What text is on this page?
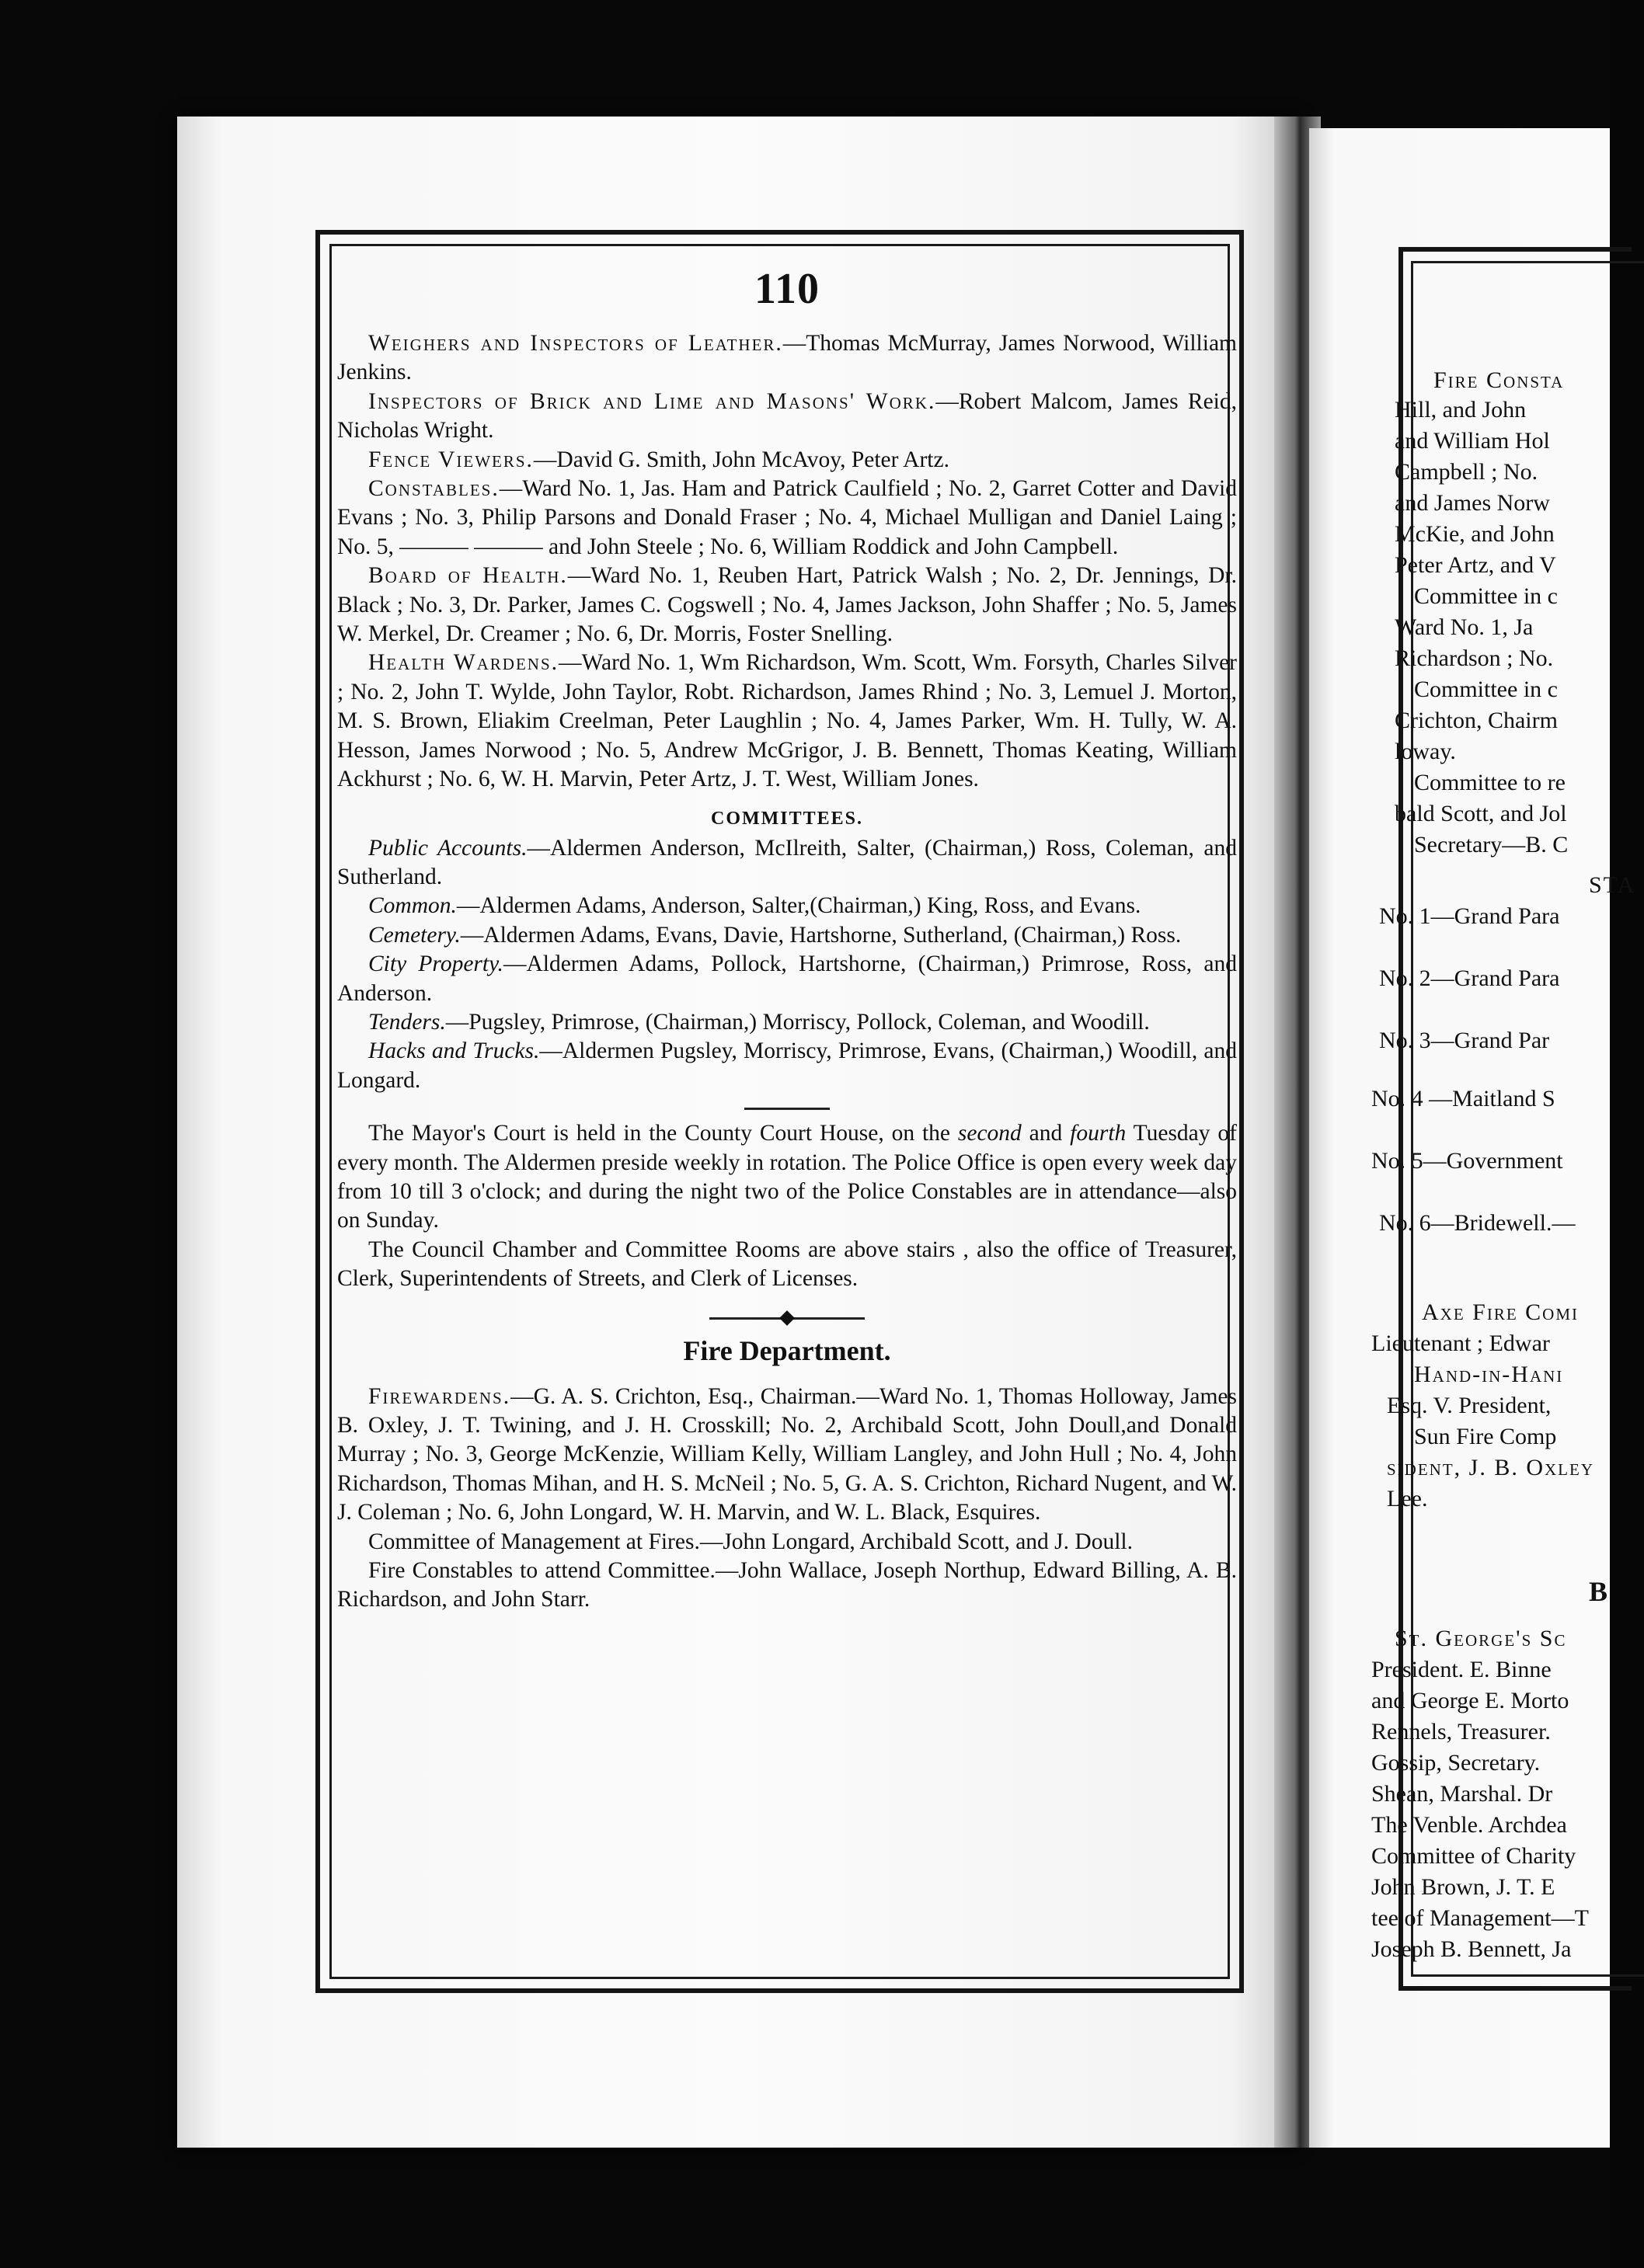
110

Weighers and Inspectors of Leather.—Thomas McMurray, James Norwood, William Jenkins.

Inspectors of Brick and Lime and Masons' Work.—Robert Malcom, James Reid, Nicholas Wright.

Fence Viewers.—David G. Smith, John McAvoy, Peter Artz.

Constables.—Ward No. 1, Jas. Ham and Patrick Caulfield ; No. 2, Garret Cotter and David Evans ; No. 3, Philip Parsons and Donald Fraser ; No. 4, Michael Mulligan and Daniel Laing ; No. 5, ——— ——— and John Steele ; No. 6, William Roddick and John Campbell.

Board of Health.—Ward No. 1, Reuben Hart, Patrick Walsh ; No. 2, Dr. Jennings, Dr. Black ; No. 3, Dr. Parker, James C. Cogswell ; No. 4, James Jackson, John Shaffer ; No. 5, James W. Merkel, Dr. Creamer ; No. 6, Dr. Morris, Foster Snelling.

Health Wardens.—Ward No. 1, Wm Richardson, Wm. Scott, Wm. Forsyth, Charles Silver ; No. 2, John T. Wylde, John Taylor, Robt. Richardson, James Rhind ; No. 3, Lemuel J. Morton, M. S. Brown, Eliakim Creelman, Peter Laughlin ; No. 4, James Parker, Wm. H. Tully, W. A. Hesson, James Norwood ; No. 5, Andrew McGrigor, J. B. Bennett, Thomas Keating, William Ackhurst ; No. 6, W. H. Marvin, Peter Artz, J. T. West, William Jones.

COMMITTEES.

Public Accounts.—Aldermen Anderson, McIlreith, Salter, (Chairman,) Ross, Coleman, and Sutherland.

Common.—Aldermen Adams, Anderson, Salter,(Chairman,) King, Ross, and Evans.

Cemetery.—Aldermen Adams, Evans, Davie, Hartshorne, Sutherland, (Chairman,) Ross.

City Property.—Aldermen Adams, Pollock, Hartshorne, (Chairman,) Primrose, Ross, and Anderson.

Tenders.—Pugsley, Primrose, (Chairman,) Morriscy, Pollock, Coleman, and Woodill.

Hacks and Trucks.—Aldermen Pugsley, Morriscy, Primrose, Evans, (Chairman,) Woodill, and Longard.

The Mayor's Court is held in the County Court House, on the second and fourth Tuesday of every month. The Aldermen preside weekly in rotation. The Police Office is open every week day from 10 till 3 o'clock; and during the night two of the Police Constables are in attendance—also on Sunday.

The Council Chamber and Committee Rooms are above stairs , also the office of Treasurer, Clerk, Superintendents of Streets, and Clerk of Licenses.

Fire Department.

Firewardens.—G. A. S. Crichton, Esq., Chairman.—Ward No. 1, Thomas Holloway, James B. Oxley, J. T. Twining, and J. H. Crosskill; No. 2, Archibald Scott, John Doull,and Donald Murray ; No. 3, George McKenzie, William Kelly, William Langley, and John Hull ; No. 4, John Richardson, Thomas Mihan, and H. S. McNeil ; No. 5, G. A. S. Crichton, Richard Nugent, and W. J. Coleman ; No. 6, John Longard, W. H. Marvin, and W. L. Black, Esquires.

Committee of Management at Fires.—John Longard, Archibald Scott, and J. Doull.

Fire Constables to attend Committee.—John Wallace, Joseph Northup, Edward Billing, A. B. Richardson, and John Starr.

Fire Consta
Hill, and John
and William Hol
Campbell ; No.
and James Norw
McKie, and John
Peter Artz, and V
Committee in c
Ward No. 1, Ja
Richardson ; No.
Committee in c
Crichton, Chairm
loway.
Committee to re
bald Scott, and Jol
Secretary—B. C
STA
No. 1—Grand Para
No. 2—Grand Para
No. 3—Grand Par
No. 4 —Maitland S
No. 5—Government
No. 6—Bridewell.—
Axe Fire Comi
Lieutenant ; Edwar
Hand-in-Hani
Esq. V. President,
Sun Fire Comp
sident, J. B. Oxley
Lee.
B
St. George's Sc
President. E. Binne
and George E. Morto
Rennels, Treasurer.
Gossip, Secretary.
Shean, Marshal. Dr
The Venble. Archdea
Committee of Charity
John Brown, J. T. E
tee of Management—T
Joseph B. Bennett, Ja
